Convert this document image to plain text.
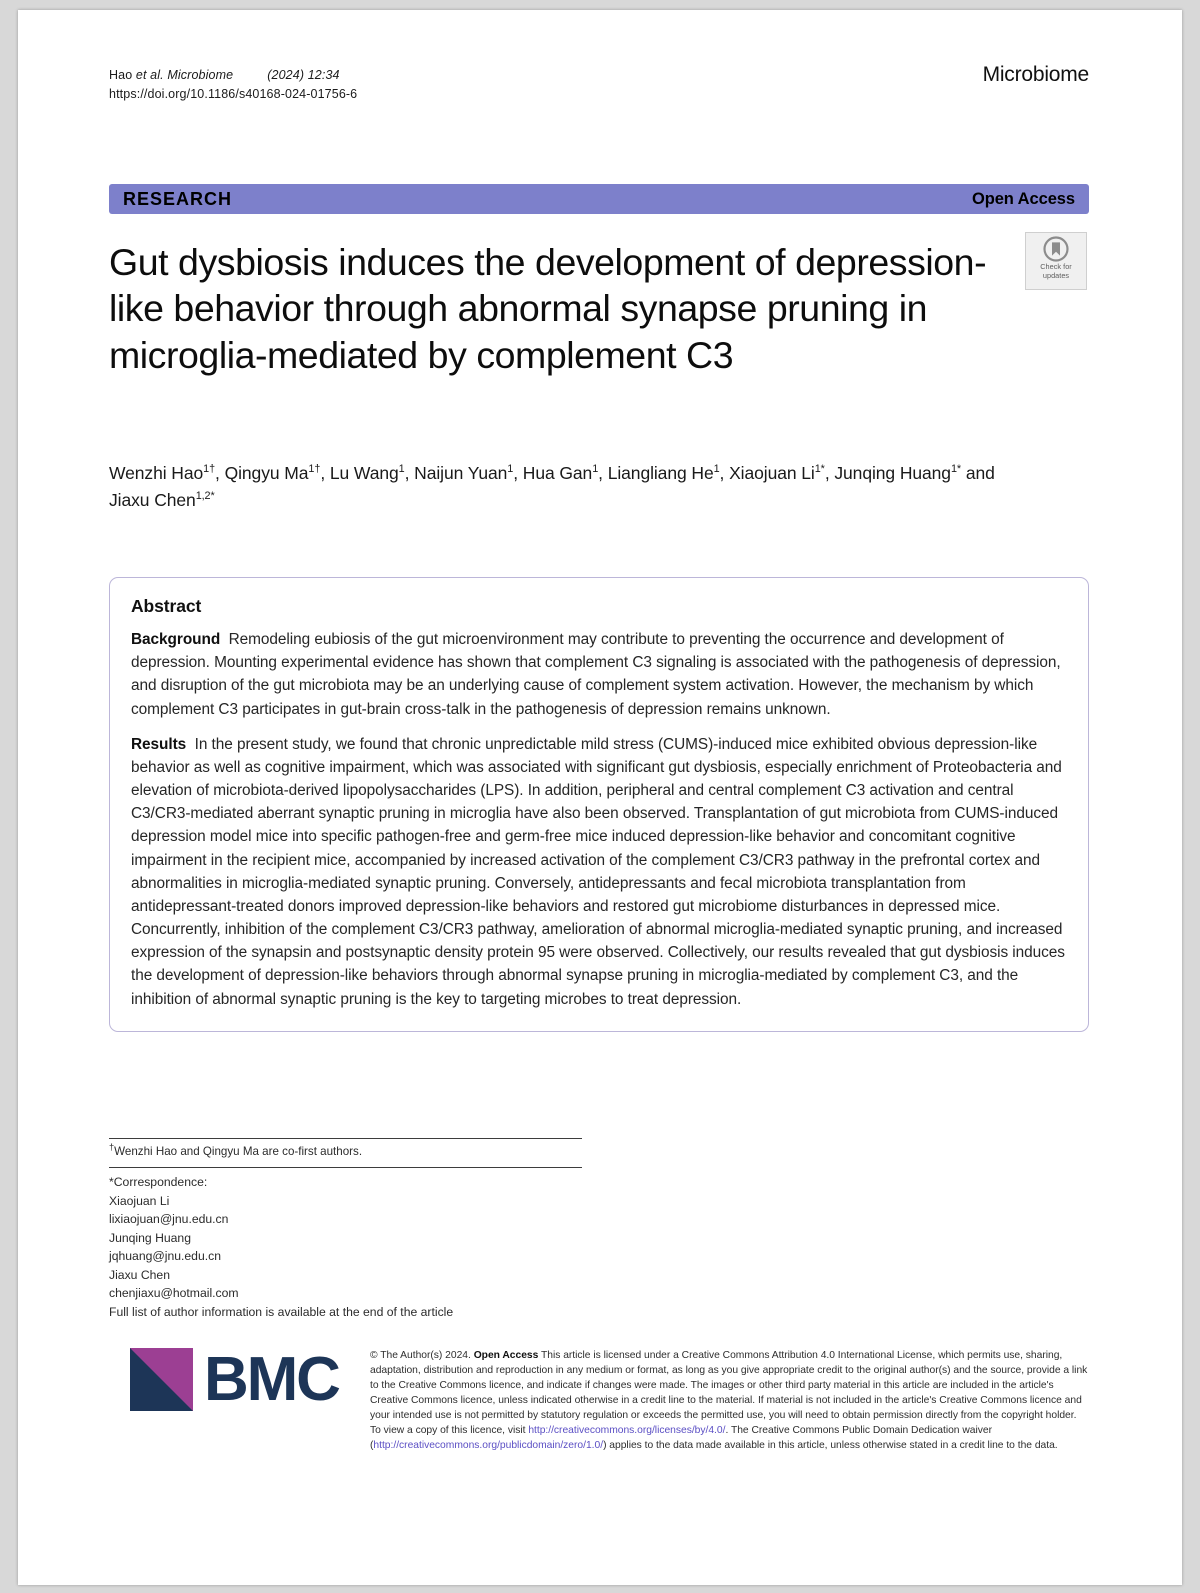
Hao et al. Microbiome	(2024) 12:34
https://doi.org/10.1186/s40168-024-01756-6
Microbiome
RESEARCH	Open Access
Check for
updates
Gut dysbiosis induces the development of depression-like behavior through abnormal synapse pruning in microglia-mediated by complement C3
Wenzhi Hao$^{1\dagger}$, Qingyu $Ma^{1\dagger}$, Lu Wang$^1$, Naijun Yuan$^1$, Hua Gan$^1$, Liangliang He$^1$, Xiaojuan $Li^{1*}$, Junqing Huang$^{1*}$ and Jiaxu Chen$^{1,2*}$
Abstract

Background Remodeling eubiosis of the gut microenvironment may contribute to preventing the occurrence and development of depression. Mounting experimental evidence has shown that complement C3 signaling is associated with the pathogenesis of depression, and disruption of the gut microbiota may be an underlying cause of complement system activation. However, the mechanism by which complement C3 participates in gut-brain cross-talk in the pathogenesis of depression remains unknown.

Results In the present study, we found that chronic unpredictable mild stress (CUMS)-induced mice exhibited obvious depression-like behavior as well as cognitive impairment, which was associated with significant gut dysbiosis, especially enrichment of Proteobacteria and elevation of microbiota-derived lipopolysaccharides (LPS). In addition, peripheral and central complement C3 activation and central C3/CR3-mediated aberrant synaptic pruning in microglia have also been observed. Transplantation of gut microbiota from CUMS-induced depression model mice into specific pathogen-free and germ-free mice induced depression-like behavior and concomitant cognitive impairment in the recipient mice, accompanied by increased activation of the complement C3/CR3 pathway in the prefrontal cortex and abnormalities in microglia-mediated synaptic pruning. Conversely, antidepressants and fecal microbiota transplantation from antidepressant-treated donors improved depression-like behaviors and restored gut microbiome disturbances in depressed mice. Concurrently, inhibition of the complement C3/CR3 pathway, amelioration of abnormal microglia-mediated synaptic pruning, and increased expression of the synapsin and postsynaptic density protein 95 were observed. Collectively, our results revealed that gut dysbiosis induces the development of depression-like behaviors through abnormal synapse pruning in microglia-mediated by complement C3, and the inhibition of abnormal synaptic pruning is the key to targeting microbes to treat depression.

†Wenzhi Hao and Qingyu Ma are co-first authors.
*Correspondence:
Xiaojuan Li
lixiaojuan@jnu.edu.cn
Junqing Huang
jqhuang@jnu.edu.cn
Jiaxu Chen
chenjiaxu@hotmail.com
Full list of author information is available at the end of the article
BMC	© The Author(s) 2024. Open Access This article is licensed under a Creative Commons Attribution 4.0 International License, which permits use, sharing, adaptation, distribution and reproduction in any medium or format, as long as you give appropriate credit to the original author(s) and the source, provide a link to the Creative Commons licence, and indicate if changes were made. The images or other third party material in this article are included in the article's Creative Commons licence, unless indicated otherwise in a credit line to the material. If material is not included in the article's Creative Commons licence and your intended use is not permitted by statutory regulation or exceeds the permitted use, you will need to obtain permission directly from the copyright holder. To view a copy of this licence, visit http://creativecommons.org/licenses/by/4.0/. The Creative Commons Public Domain Dedication waiver (http://creativecommons.org/publicdomain/zero/1.0/) applies to the data made available in this article, unless otherwise stated in a credit line to the data.
